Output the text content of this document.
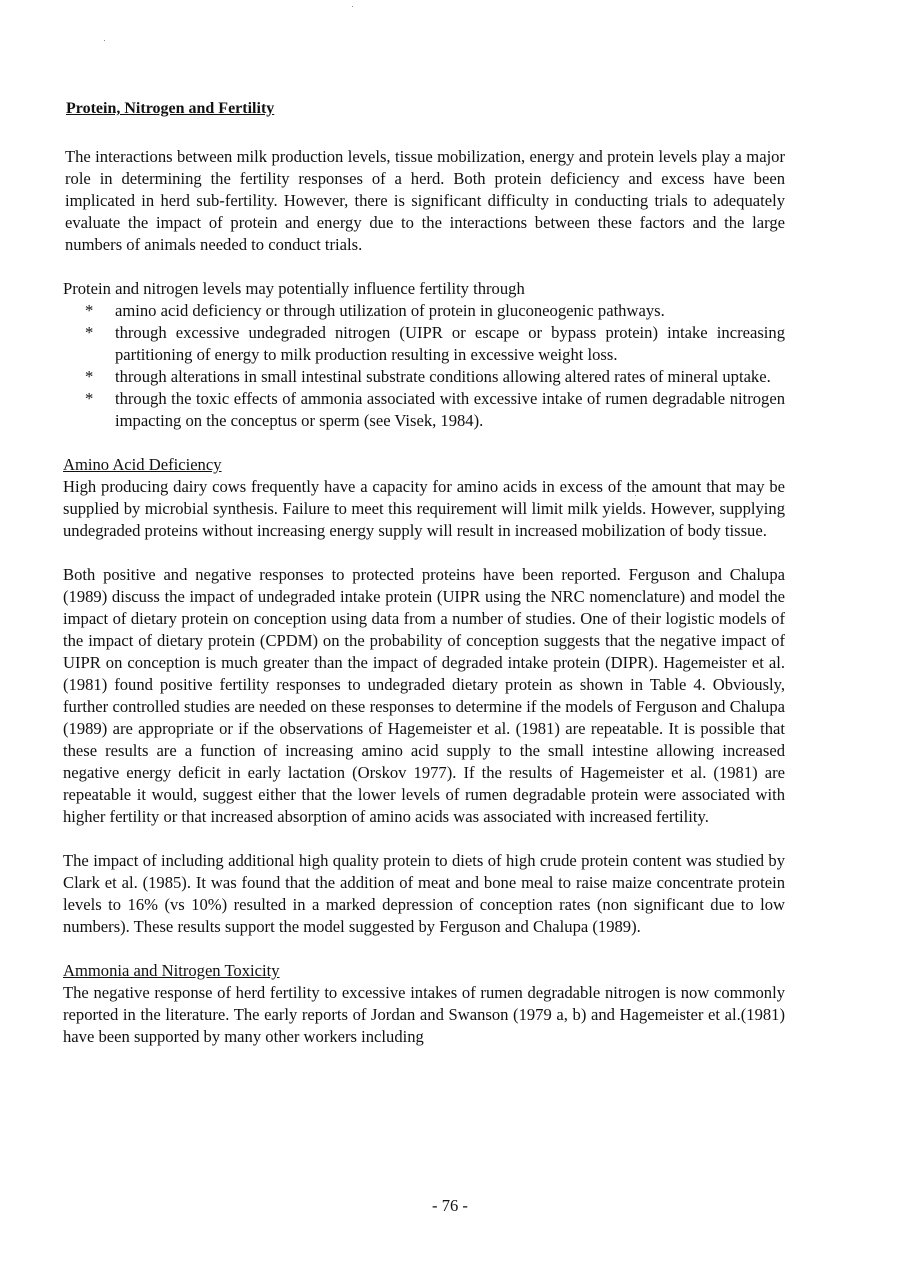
Protein, Nitrogen and Fertility

The interactions between milk production levels, tissue mobilization, energy and protein levels play a major role in determining the fertility responses of a herd. Both protein deficiency and excess have been implicated in herd sub-fertility. However, there is significant difficulty in conducting trials to adequately evaluate the impact of protein and energy due to the interactions between these factors and the large numbers of animals needed to conduct trials.

Protein and nitrogen levels may potentially influence fertility through

* amino acid deficiency or through utilization of protein in gluconeogenic pathways.
* through excessive undegraded nitrogen (UIPR or escape or bypass protein) intake increasing partitioning of energy to milk production resulting in excessive weight loss.
* through alterations in small intestinal substrate conditions allowing altered rates of mineral uptake.
* through the toxic effects of ammonia associated with excessive intake of rumen degradable nitrogen impacting on the conceptus or sperm (see Visek, 1984).
Amino Acid Deficiency

High producing dairy cows frequently have a capacity for amino acids in excess of the amount that may be supplied by microbial synthesis. Failure to meet this requirement will limit milk yields. However, supplying undegraded proteins without increasing energy supply will result in increased mobilization of body tissue.

Both positive and negative responses to protected proteins have been reported. Ferguson and Chalupa (1989) discuss the impact of undegraded intake protein (UIPR using the NRC nomenclature) and model the impact of dietary protein on conception using data from a number of studies. One of their logistic models of the impact of dietary protein (CPDM) on the probability of conception suggests that the negative impact of UIPR on conception is much greater than the impact of degraded intake protein (DIPR). Hagemeister et al. (1981) found positive fertility responses to undegraded dietary protein as shown in Table 4. Obviously, further controlled studies are needed on these responses to determine if the models of Ferguson and Chalupa (1989) are appropriate or if the observations of Hagemeister et al. (1981) are repeatable. It is possible that these results are a function of increasing amino acid supply to the small intestine allowing increased negative energy deficit in early lactation (Orskov 1977). If the results of Hagemeister et al. (1981) are repeatable it would, suggest either that the lower levels of rumen degradable protein were associated with higher fertility or that increased absorption of amino acids was associated with increased fertility.

The impact of including additional high quality protein to diets of high crude protein content was studied by Clark et al. (1985). It was found that the addition of meat and bone meal to raise maize concentrate protein levels to 16% (vs 10%) resulted in a marked depression of conception rates (non significant due to low numbers). These results support the model suggested by Ferguson and Chalupa (1989).

Ammonia and Nitrogen Toxicity

The negative response of herd fertility to excessive intakes of rumen degradable nitrogen is now commonly reported in the literature. The early reports of Jordan and Swanson (1979 a, b) and Hagemeister et al.(1981) have been supported by many other workers including

- 76 -
